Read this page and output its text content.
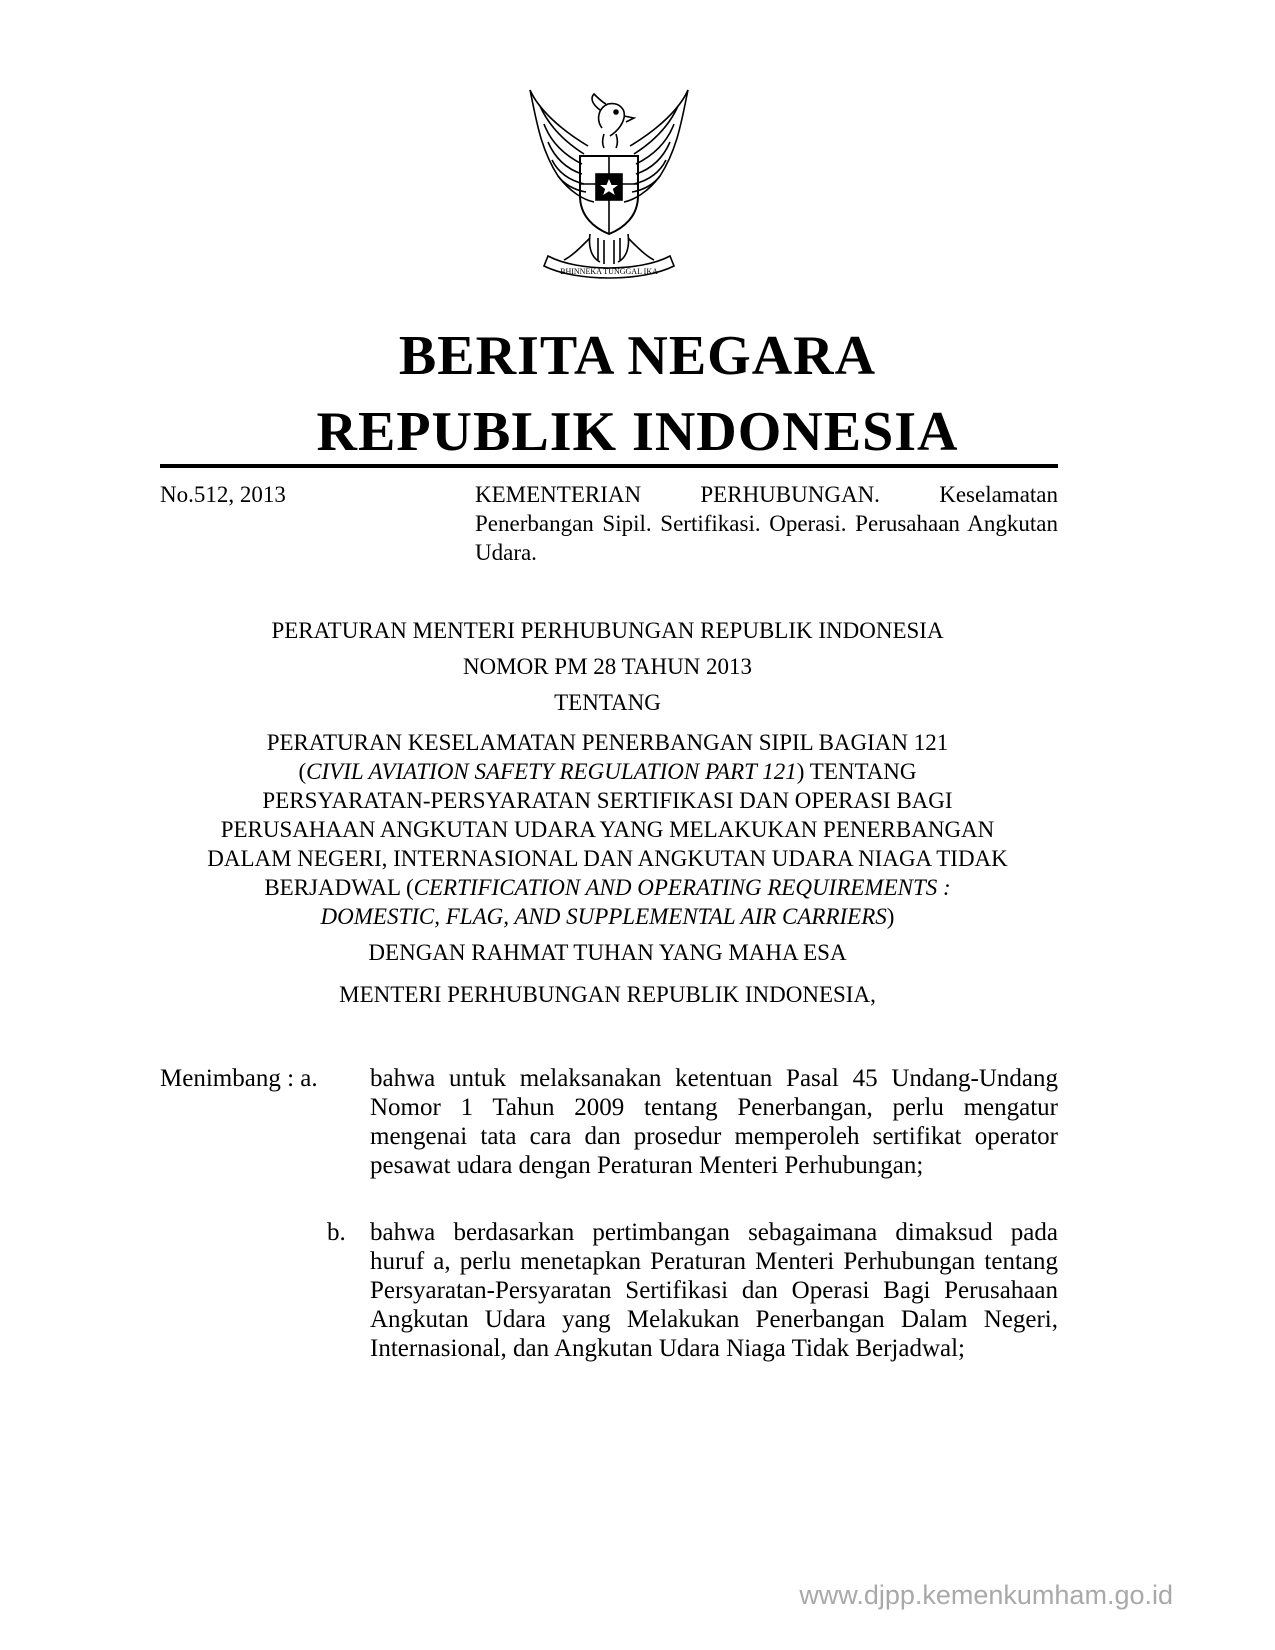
BHINNEKA TUNGGAL IKA
BERITA NEGARA
REPUBLIK INDONESIA
No.512, 2013	KEMENTERIAN PERHUBUNGAN. Keselamatan Penerbangan Sipil. Sertifikasi. Operasi. Perusahaan Angkutan Udara.
PERATURAN MENTERI PERHUBUNGAN REPUBLIK INDONESIA
NOMOR PM 28 TAHUN 2013
TENTANG
PERATURAN KESELAMATAN PENERBANGAN SIPIL BAGIAN 121
(CIVIL AVIATION SAFETY REGULATION PART 121) TENTANG
PERSYARATAN-PERSYARATAN SERTIFIKASI DAN OPERASI BAGI
PERUSAHAAN ANGKUTAN UDARA YANG MELAKUKAN PENERBANGAN
DALAM NEGERI, INTERNASIONAL DAN ANGKUTAN UDARA NIAGA TIDAK
BERJADWAL (CERTIFICATION AND OPERATING REQUIREMENTS :
DOMESTIC, FLAG, AND SUPPLEMENTAL AIR CARRIERS)
DENGAN RAHMAT TUHAN YANG MAHA ESA
MENTERI PERHUBUNGAN REPUBLIK INDONESIA,
Menimbang : a. bahwa untuk melaksanakan ketentuan Pasal 45 Undang-Undang Nomor 1 Tahun 2009 tentang Penerbangan, perlu mengatur mengenai tata cara dan prosedur memperoleh sertifikat operator pesawat udara dengan Peraturan Menteri Perhubungan;
b. bahwa berdasarkan pertimbangan sebagaimana dimaksud pada huruf a, perlu menetapkan Peraturan Menteri Perhubungan tentang Persyaratan-Persyaratan Sertifikasi dan Operasi Bagi Perusahaan Angkutan Udara yang Melakukan Penerbangan Dalam Negeri, Internasional, dan Angkutan Udara Niaga Tidak Berjadwal;
www.djpp.kemenkumham.go.id
